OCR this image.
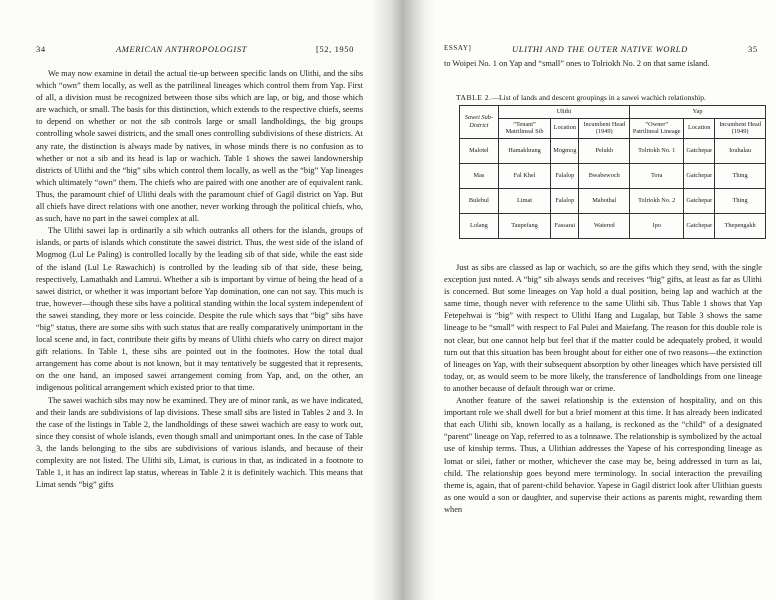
34	AMERICAN ANTHROPOLOGIST	[52, 1950

We may now examine in detail the actual tie-up between specific lands on Ulithi, and the sibs which “own” them locally, as well as the patrilineal lineages which control them from Yap. First of all, a division must be recognized between those sibs which are lap, or big, and those which are wachich, or small. The basis for this distinction, which extends to the respective chiefs, seems to depend on whether or not the sib controls large or small landholdings, the big groups controlling whole sawei districts, and the small ones controlling subdivisions of these districts. At any rate, the distinction is always made by natives, in whose minds there is no confusion as to whether or not a sib and its head is lap or wachich. Table 1 shows the sawei landownership districts of Ulithi and the “big” sibs which control them locally, as well as the “big” Yap lineages which ultimately “own” them. The chiefs who are paired with one another are of equivalent rank. Thus, the paramount chief of Ulithi deals with the paramount chief of Gagil district on Yap. But all chiefs have direct relations with one another, never working through the political chiefs, who, as such, have no part in the sawei complex at all.

The Ulithi sawei lap is ordinarily a sib which outranks all others for the islands, groups of islands, or parts of islands which constitute the sawei district. Thus, the west side of the island of Mogmog (Lul Le Paling) is controlled locally by the leading sib of that side, while the east side of the island (Lul Le Rawachich) is controlled by the leading sib of that side, these being, respectively, Lamathakh and Lamrui. Whether a sib is important by virtue of being the head of a sawei district, or whether it was important before Yap domination, one can not say. This much is true, however—though these sibs have a political standing within the local system independent of the sawei standing, they more or less coincide. Despite the rule which says that “big” sibs have “big” status, there are some sibs with such status that are really comparatively unimportant in the local scene and, in fact, contribute their gifts by means of Ulithi chiefs who carry on direct major gift relations. In Table 1, these sibs are pointed out in the footnotes. How the total dual arrangement has come about is not known, but it may tentatively be suggested that it represents, on the one hand, an imposed sawei arrangement coming from Yap, and, on the other, an indigenous political arrangement which existed prior to that time.

The sawei wachich sibs may now be examined. They are of minor rank, as we have indicated, and their lands are subdivisions of lap divisions. These small sibs are listed in Tables 2 and 3. In the case of the listings in Table 2, the landholdings of these sawei wachich are easy to work out, since they consist of whole islands, even though small and unimportant ones. In the case of Table 3, the lands belonging to the sibs are subdivisions of various islands, and because of their complexity are not listed. The Ulithi sib, Limat, is curious in that, as indicated in a footnote to Table 1, it has an indirect lap status, whereas in Table 2 it is definitely wachich. This means that Limat sends “big” gifts

ESSAY]	ULITHI AND THE OUTER NATIVE WORLD	35
to Woipei No. 1 on Yap and “small” ones to Tolriokh No. 2 on that same island.
TABLE 2.—List of lands and descent groupings in a sawei wachich relationship.
Sawei Sub-District	Ulithi			Yap		
	“Tenant” Matrilineal Sib	Location	Incumbent Head (1949)	“Owner” Patrilineal Lineage	Location	Incumbent Head (1949)
Malotel	Hamakhrang	Mogmog	Pelukh	Tolriokh No. 1	Gatchepar	Iouhalau
Mas	Fal Khel	Falalop	Bwabewoch	Tora	Gatchepar	Thing
Bulebul	Limat	Falalop	Mabothal	Tolriokh No. 2	Gatchepar	Thing
Lolang	Taupefang	Fassarai	Watered	Ipo	Gatchepar	Thepengakh

Just as sibs are classed as lap or wachich, so are the gifts which they send, with the single exception just noted. A “big” sib always sends and receives “big” gifts, at least as far as Ulithi is concerned. But some lineages on Yap hold a dual position, being lap and wachich at the same time, though never with reference to the same Ulithi sib. Thus Table 1 shows that Yap Fetepehwai is “big” with respect to Ulithi Ifang and Lugalap, but Table 3 shows the same lineage to be “small” with respect to Fal Pulei and Maiefang. The reason for this double role is not clear, but one cannot help but feel that if the matter could be adequately probed, it would turn out that this situation has been brought about for either one of two reasons—the extinction of lineages on Yap, with their subsequent absorption by other lineages which have persisted till today, or, as would seem to be more likely, the transference of landholdings from one lineage to another because of default through war or crime.

Another feature of the sawei relationship is the extension of hospitality, and on this important role we shall dwell for but a brief moment at this time. It has already been indicated that each Ulithi sib, known locally as a hailang, is reckoned as the “child” of a designated “parent” lineage on Yap, referred to as a tolnnawe. The relationship is symbolized by the actual use of kinship terms. Thus, a Ulithian addresses the Yapese of his corresponding lineage as lomat or silei, father or mother, whichever the case may be, being addressed in turn as lai, child. The relationship goes beyond mere terminology. In social interaction the prevailing theme is, again, that of parent-child behavior. Yapese in Gagil district look after Ulithian guests as one would a son or daughter, and supervise their actions as parents might, rewarding them when
